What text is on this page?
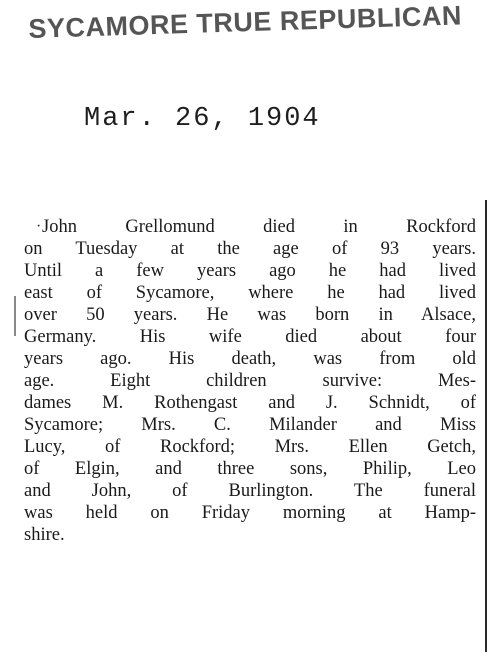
SYCAMORE TRUE REPUBLICAN
Mar. 26, 1904
· John Grellomund died in Rockford
on Tuesday at the age of 93 years.
Until a few years ago he had lived
east of Sycamore, where he had lived
over 50 years. He was born in Alsace,
Germany. His wife died about four
years ago. His death, was from old
age. Eight children survive: Mes-
dames M. Rothengast and J. Schnidt, of
Sycamore; Mrs. C. Milander and Miss
Lucy, of Rockford; Mrs. Ellen Getch,
of Elgin, and three sons, Philip, Leo
and John, of Burlington. The funeral
was held on Friday morning at Hamp-
shire.
